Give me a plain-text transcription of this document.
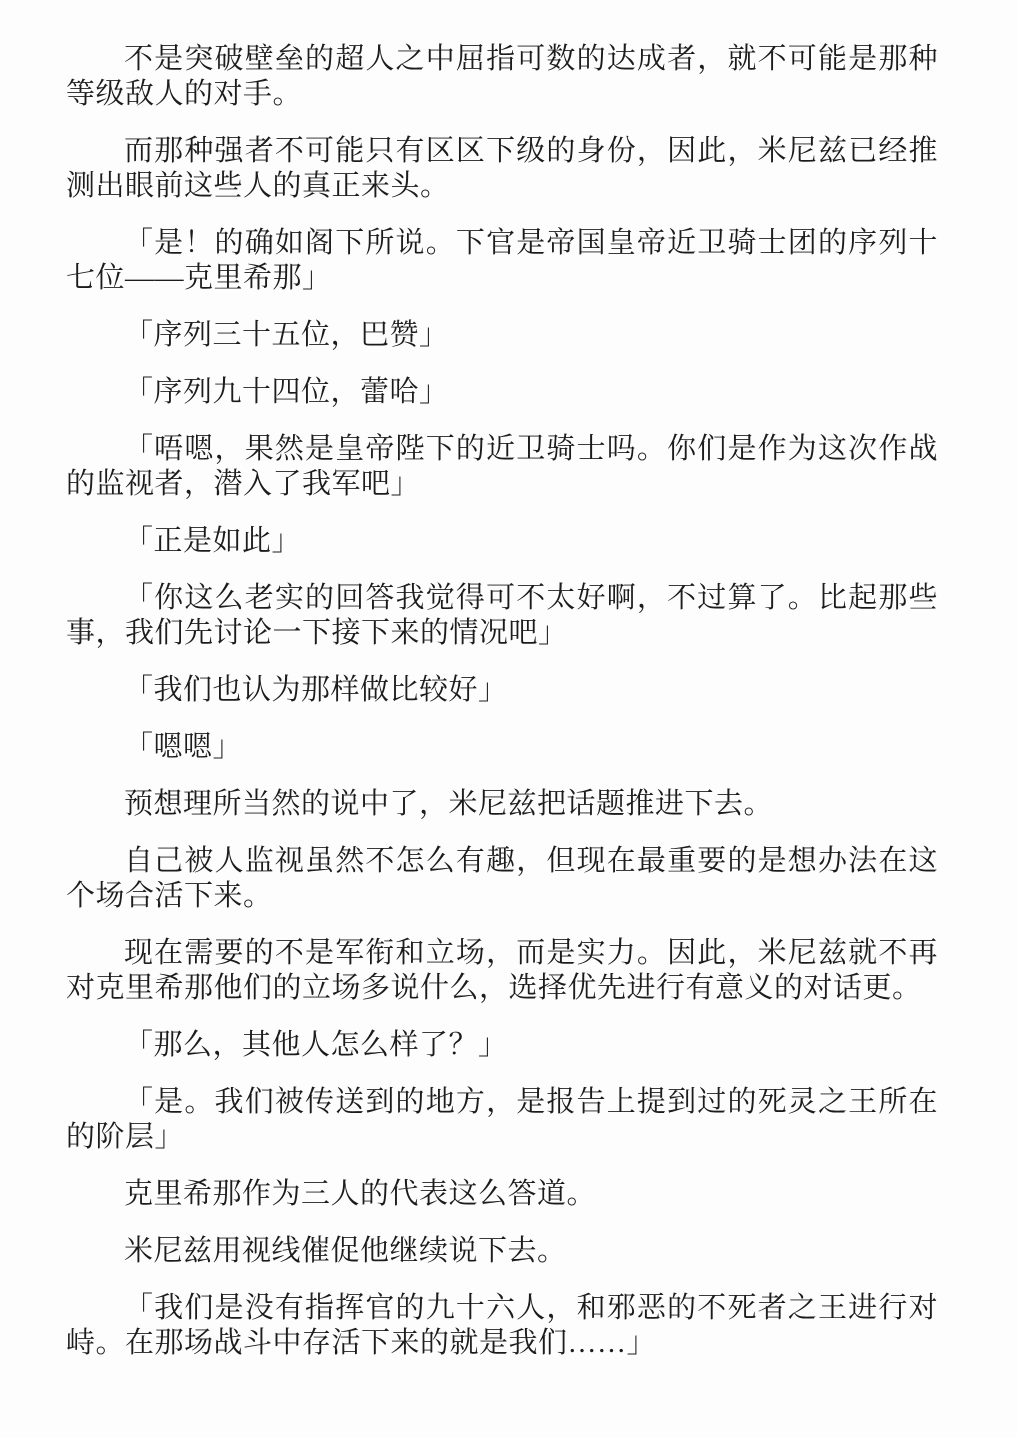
不是突破壁垒的超人之中屈指可数的达成者，就不可能是那种等级敌人的对手。

而那种强者不可能只有区区下级的身份，因此，米尼兹已经推测出眼前这些人的真正来头。

「是！的确如阁下所说。下官是帝国皇帝近卫骑士团的序列十七位——克里希那」

「序列三十五位，巴赞」

「序列九十四位，蕾哈」

「唔嗯，果然是皇帝陛下的近卫骑士吗。你们是作为这次作战的监视者，潜入了我军吧」

「正是如此」

「你这么老实的回答我觉得可不太好啊，不过算了。比起那些事，我们先讨论一下接下来的情况吧」

「我们也认为那样做比较好」

「嗯嗯」

预想理所当然的说中了，米尼兹把话题推进下去。

自己被人监视虽然不怎么有趣，但现在最重要的是想办法在这个场合活下来。

现在需要的不是军衔和立场，而是实力。因此，米尼兹就不再对克里希那他们的立场多说什么，选择优先进行有意义的对话更。

「那么，其他人怎么样了？」

「是。我们被传送到的地方，是报告上提到过的死灵之王所在的阶层」

克里希那作为三人的代表这么答道。

米尼兹用视线催促他继续说下去。

「我们是没有指挥官的九十六人，和邪恶的不死者之王进行对峙。在那场战斗中存活下来的就是我们……」
